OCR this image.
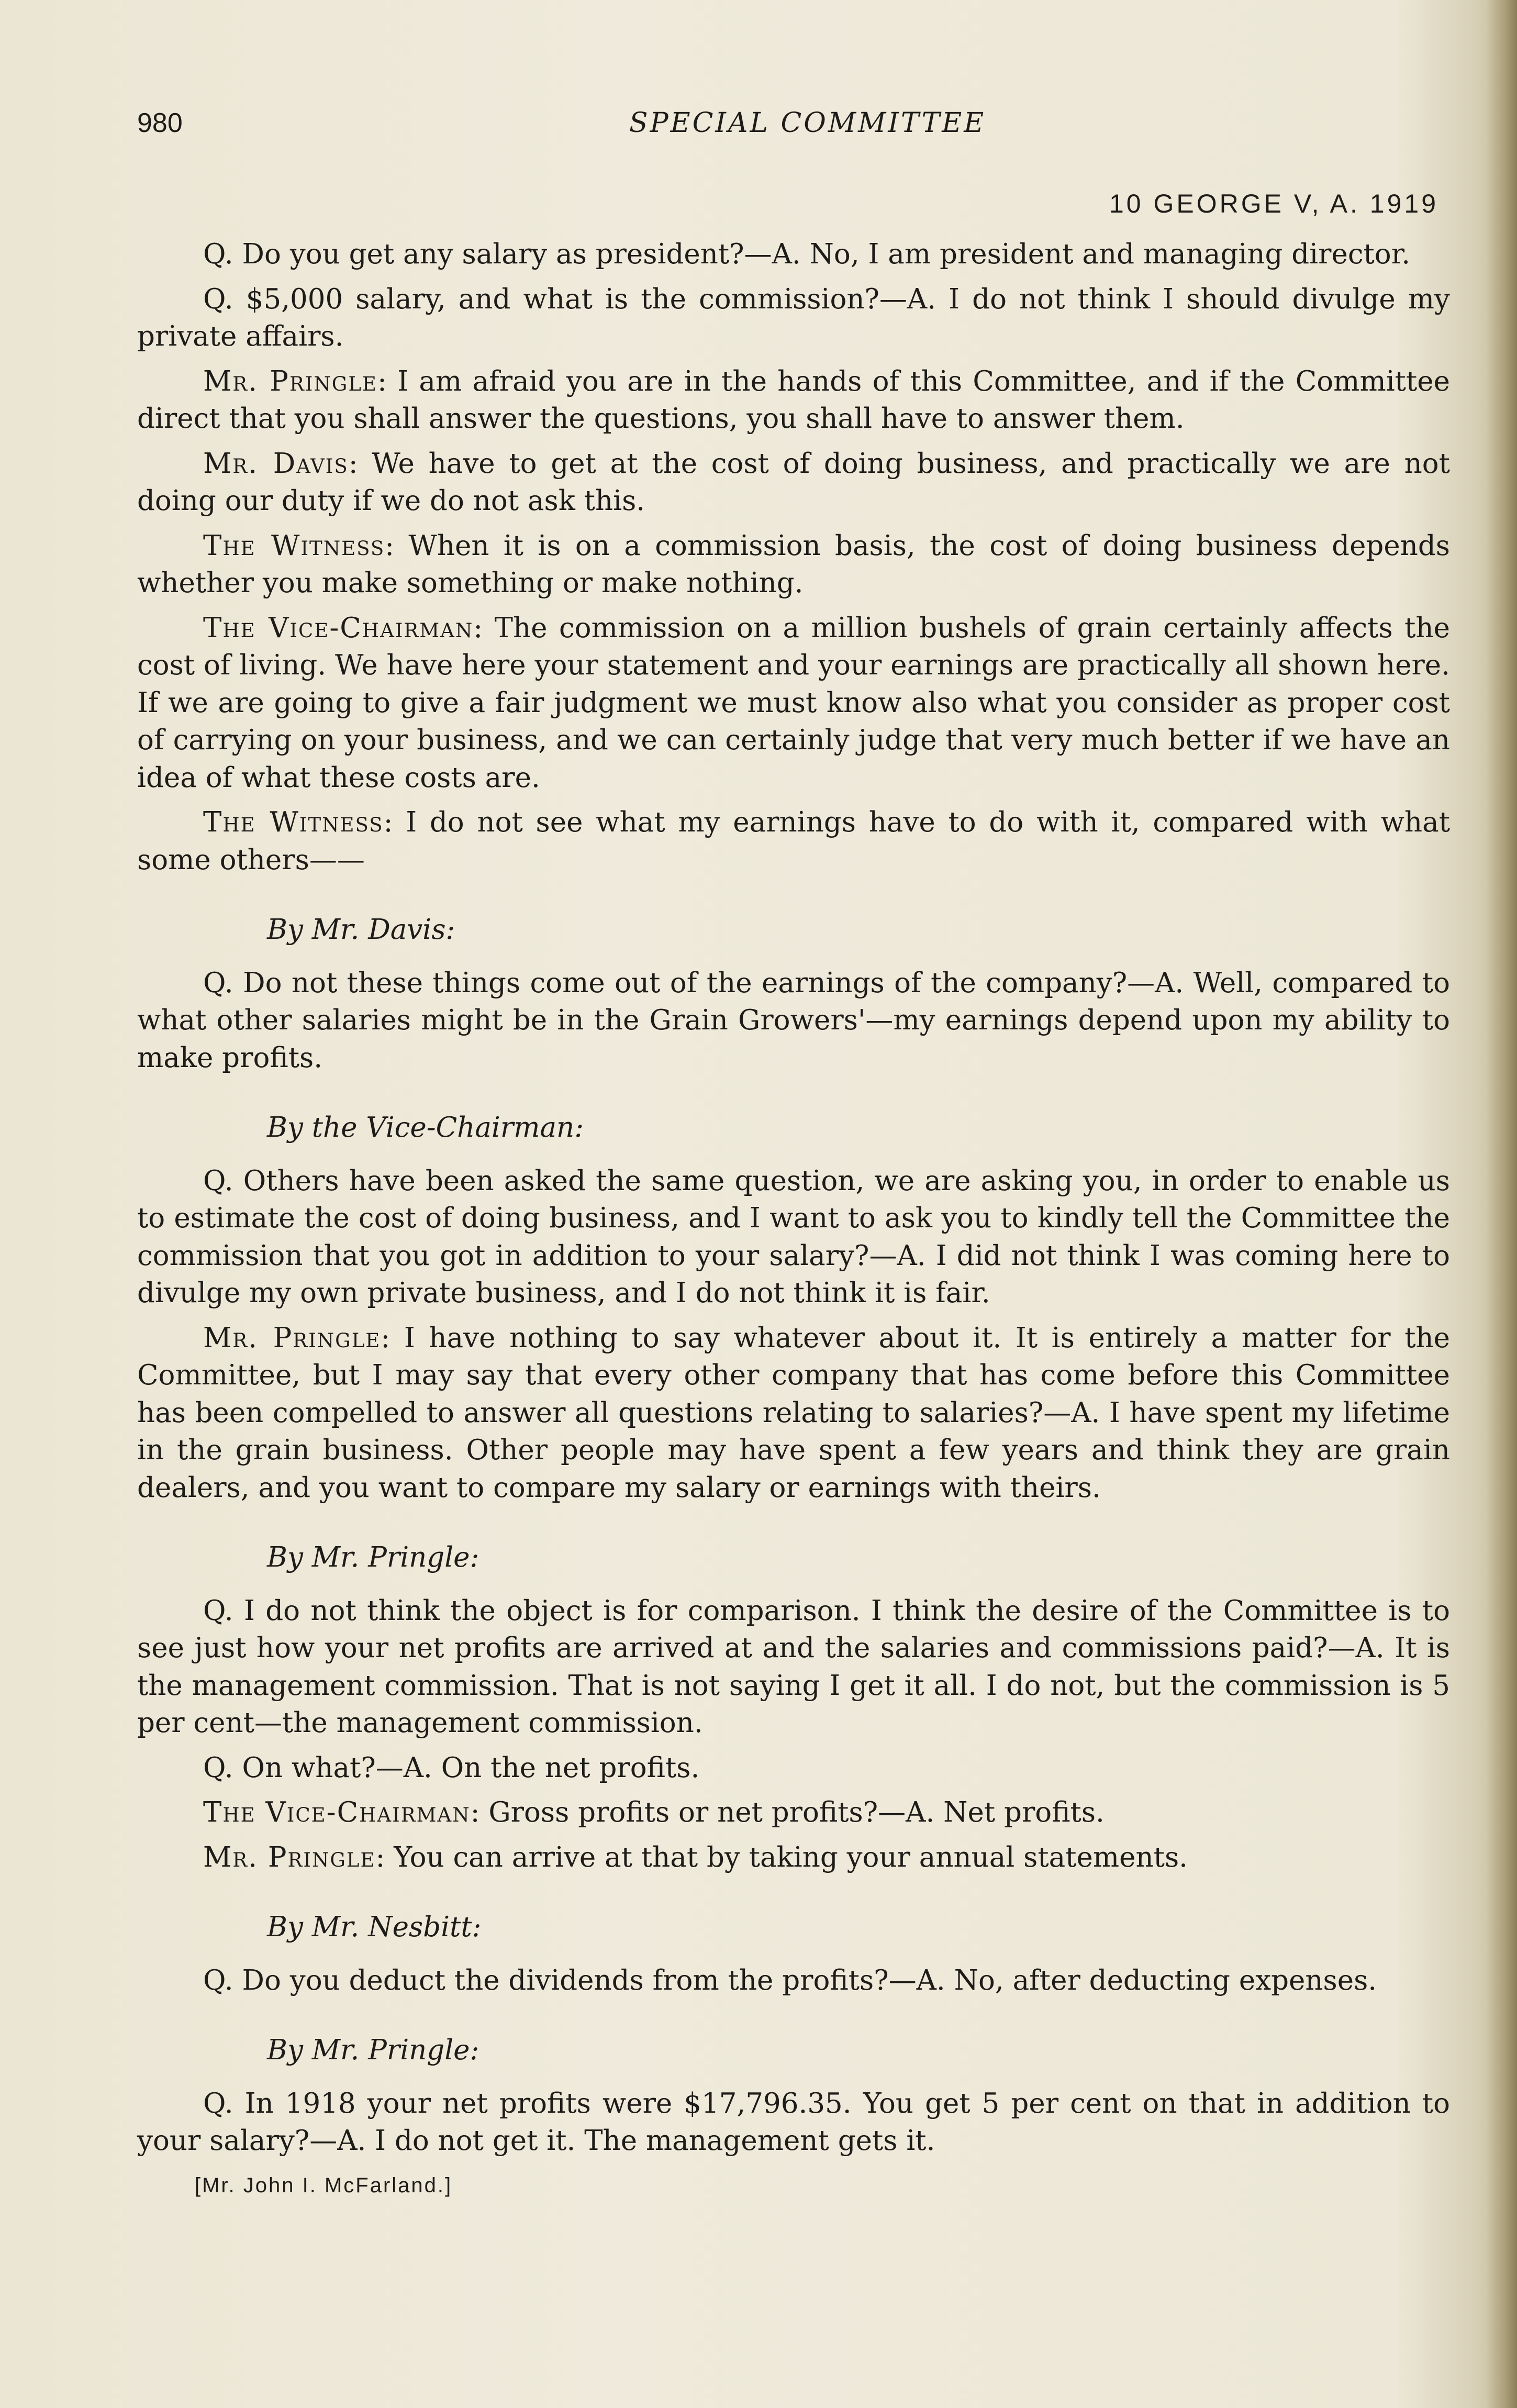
980	SPECIAL COMMITTEE
10 GEORGE V, A. 1919

Q. Do you get any salary as president?—A. No, I am president and managing director.

Q. $5,000 salary, and what is the commission?—A. I do not think I should divulge my private affairs.

Mr. Pringle: I am afraid you are in the hands of this Committee, and if the Committee direct that you shall answer the questions, you shall have to answer them.

Mr. Davis: We have to get at the cost of doing business, and practically we are not doing our duty if we do not ask this.

The Witness: When it is on a commission basis, the cost of doing business depends whether you make something or make nothing.

The Vice-Chairman: The commission on a million bushels of grain certainly affects the cost of living. We have here your statement and your earnings are practically all shown here. If we are going to give a fair judgment we must know also what you consider as proper cost of carrying on your business, and we can certainly judge that very much better if we have an idea of what these costs are.

The Witness: I do not see what my earnings have to do with it, compared with what some others——

By Mr. Davis:

Q. Do not these things come out of the earnings of the company?—A. Well, compared to what other salaries might be in the Grain Growers'—my earnings depend upon my ability to make profits.

By the Vice-Chairman:

Q. Others have been asked the same question, we are asking you, in order to enable us to estimate the cost of doing business, and I want to ask you to kindly tell the Committee the commission that you got in addition to your salary?—A. I did not think I was coming here to divulge my own private business, and I do not think it is fair.

Mr. Pringle: I have nothing to say whatever about it. It is entirely a matter for the Committee, but I may say that every other company that has come before this Committee has been compelled to answer all questions relating to salaries?—A. I have spent my lifetime in the grain business. Other people may have spent a few years and think they are grain dealers, and you want to compare my salary or earnings with theirs.

By Mr. Pringle:

Q. I do not think the object is for comparison. I think the desire of the Committee is to see just how your net profits are arrived at and the salaries and commissions paid?—A. It is the management commission. That is not saying I get it all. I do not, but the commission is 5 per cent—the management commission.

Q. On what?—A. On the net profits.

The Vice-Chairman: Gross profits or net profits?—A. Net profits.

Mr. Pringle: You can arrive at that by taking your annual statements.

By Mr. Nesbitt:

Q. Do you deduct the dividends from the profits?—A. No, after deducting expenses.

By Mr. Pringle:

Q. In 1918 your net profits were $17,796.35. You get 5 per cent on that in addition to your salary?—A. I do not get it. The management gets it.

[Mr. John I. McFarland.]
